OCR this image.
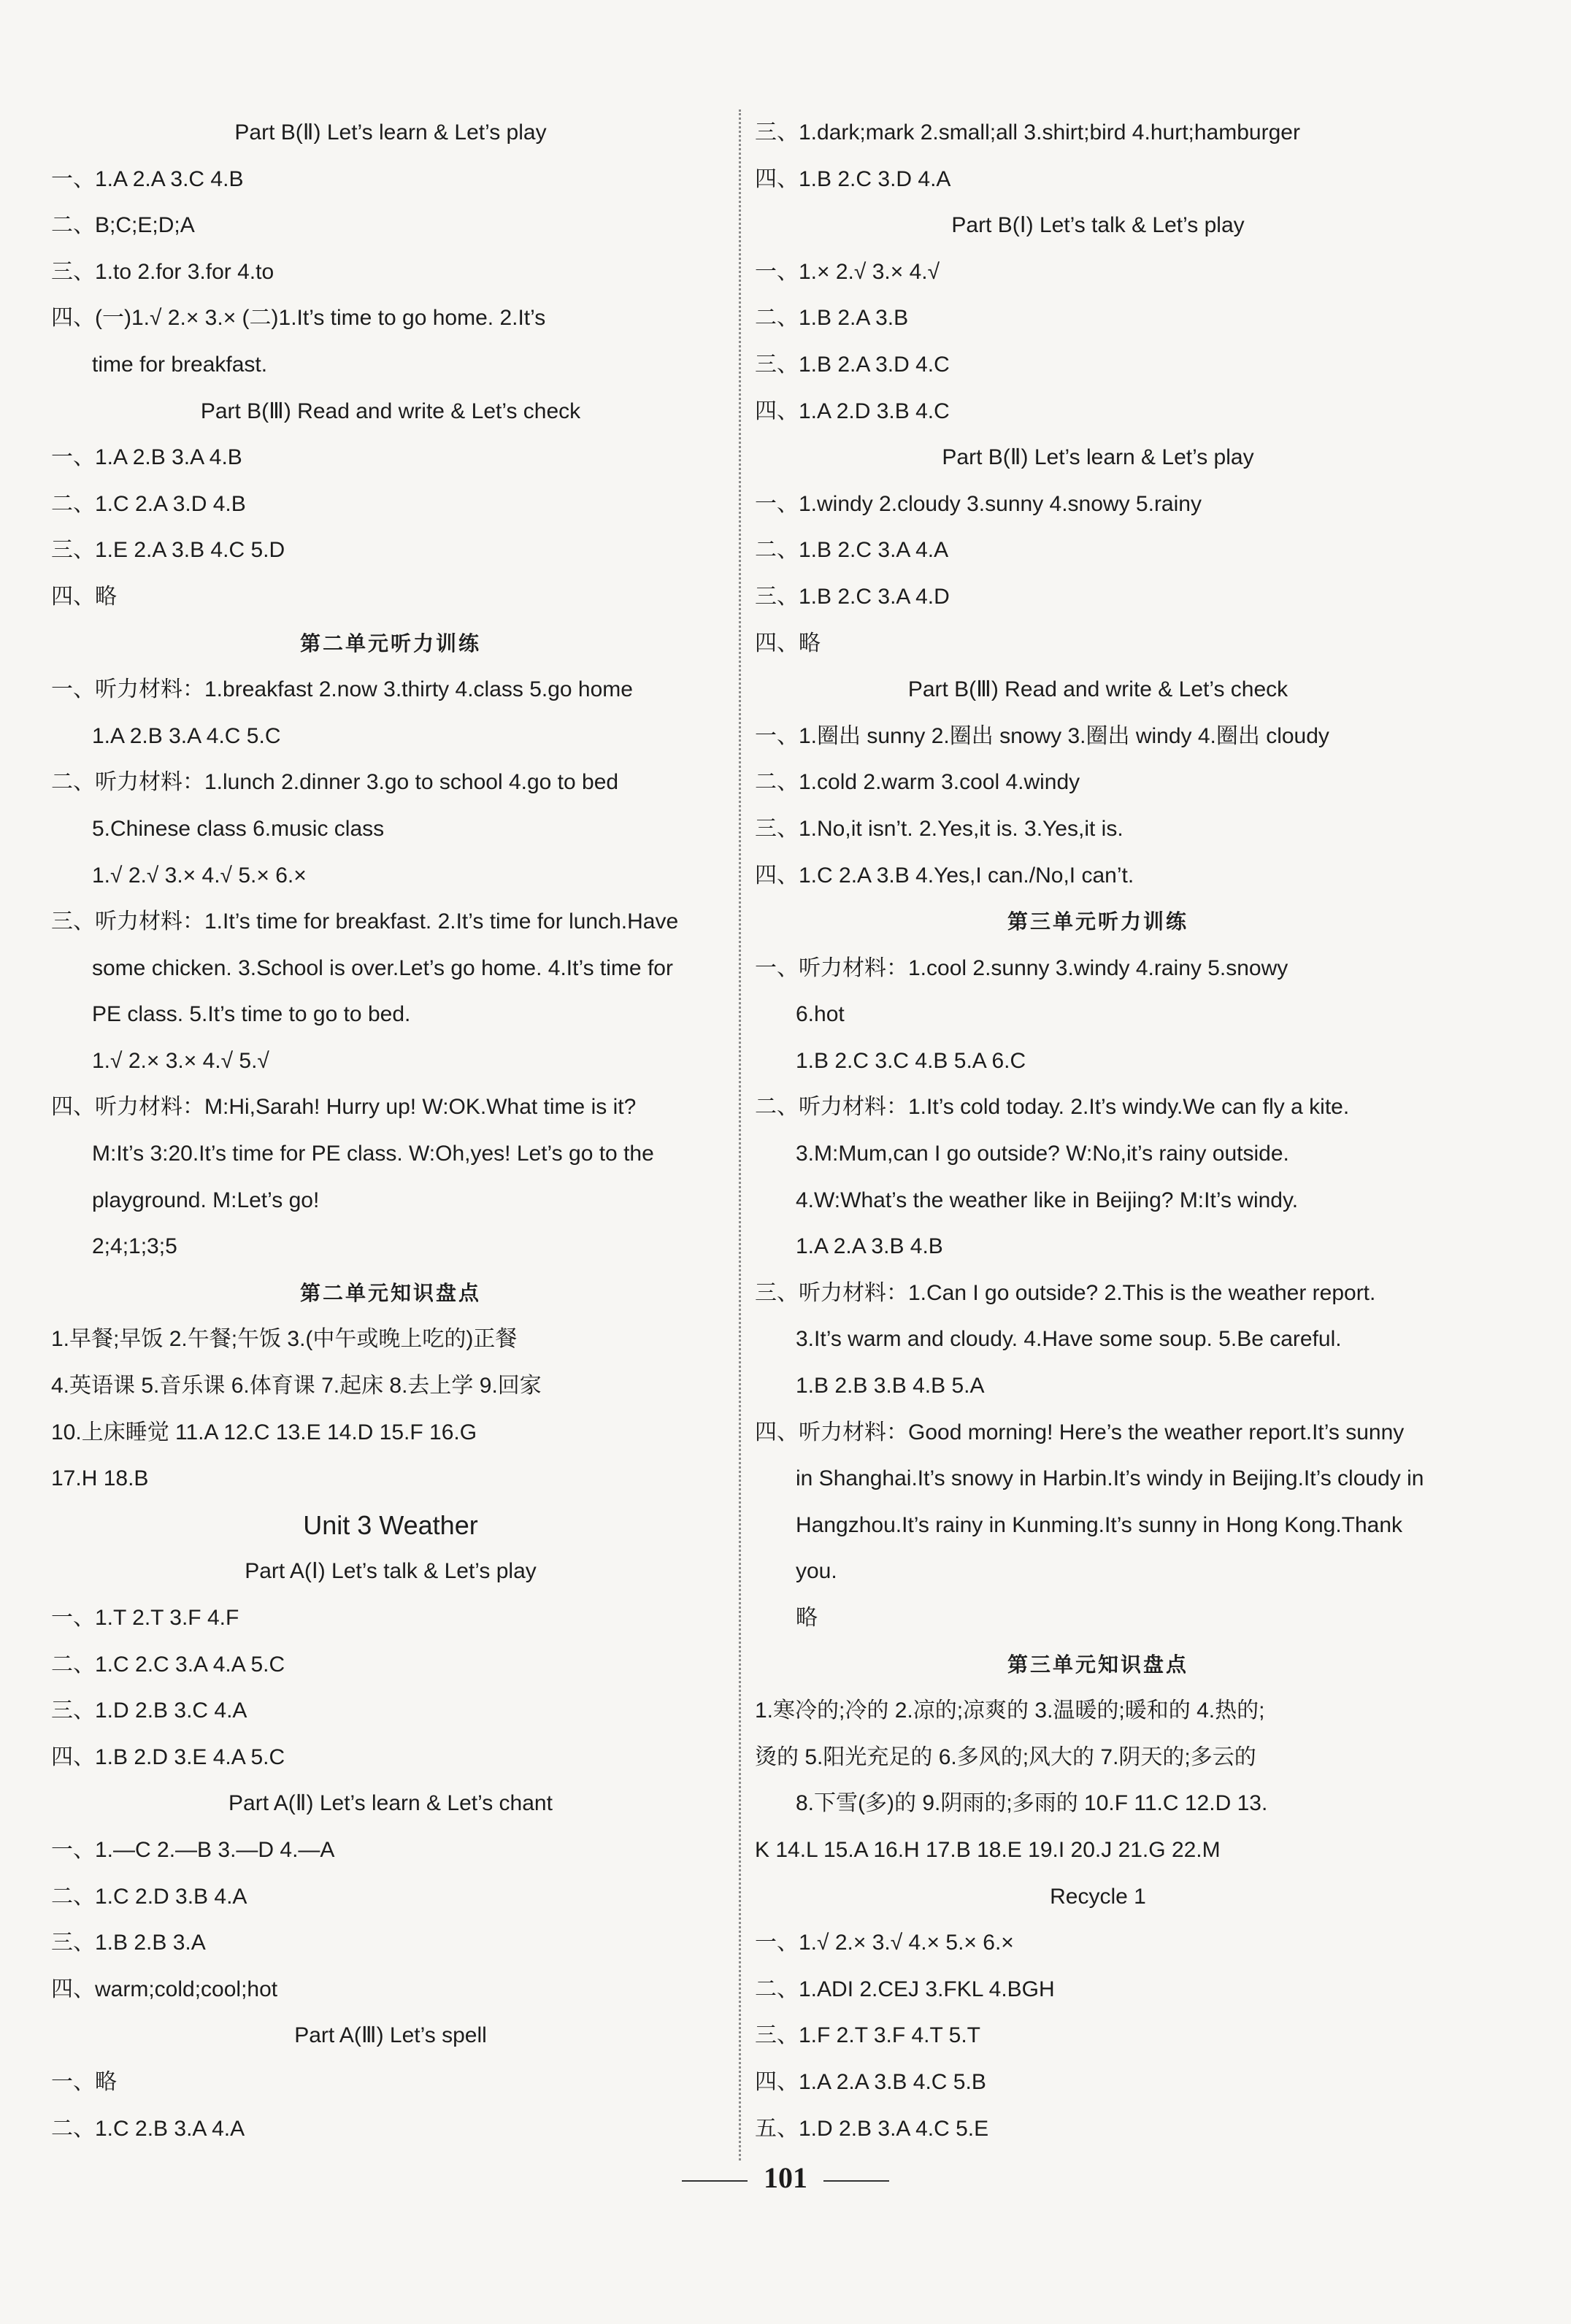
Part B(Ⅱ) Let’s learn & Let’s play
一、1.A 2.A 3.C 4.B
二、B;C;E;D;A
三、1.to 2.for 3.for 4.to
四、(一)1.√ 2.× 3.× (二)1.It’s time to go home. 2.It’s
time for breakfast.
Part B(Ⅲ) Read and write & Let’s check
一、1.A 2.B 3.A 4.B
二、1.C 2.A 3.D 4.B
三、1.E 2.A 3.B 4.C 5.D
四、略
第二单元听力训练
一、听力材料：1.breakfast 2.now 3.thirty 4.class 5.go home
1.A 2.B 3.A 4.C 5.C
二、听力材料：1.lunch 2.dinner 3.go to school 4.go to bed
5.Chinese class 6.music class
1.√ 2.√ 3.× 4.√ 5.× 6.×
三、听力材料：1.It’s time for breakfast. 2.It’s time for lunch.Have
some chicken. 3.School is over.Let’s go home. 4.It’s time for
PE class. 5.It’s time to go to bed.
1.√ 2.× 3.× 4.√ 5.√
四、听力材料：M:Hi,Sarah! Hurry up! W:OK.What time is it?
M:It’s 3:20.It’s time for PE class. W:Oh,yes! Let’s go to the
playground. M:Let’s go!
2;4;1;3;5
第二单元知识盘点
1.早餐;早饭 2.午餐;午饭 3.(中午或晚上吃的)正餐
4.英语课 5.音乐课 6.体育课 7.起床 8.去上学 9.回家
10.上床睡觉 11.A 12.C 13.E 14.D 15.F 16.G
17.H 18.B
Unit 3 Weather
Part A(Ⅰ) Let’s talk & Let’s play
一、1.T 2.T 3.F 4.F
二、1.C 2.C 3.A 4.A 5.C
三、1.D 2.B 3.C 4.A
四、1.B 2.D 3.E 4.A 5.C
Part A(Ⅱ) Let’s learn & Let’s chant
一、1.—C 2.—B 3.—D 4.—A
二、1.C 2.D 3.B 4.A
三、1.B 2.B 3.A
四、warm;cold;cool;hot
Part A(Ⅲ) Let’s spell
一、略
二、1.C 2.B 3.A 4.A
三、1.dark;mark 2.small;all 3.shirt;bird 4.hurt;hamburger
四、1.B 2.C 3.D 4.A
Part B(Ⅰ) Let’s talk & Let’s play
一、1.× 2.√ 3.× 4.√
二、1.B 2.A 3.B
三、1.B 2.A 3.D 4.C
四、1.A 2.D 3.B 4.C
Part B(Ⅱ) Let’s learn & Let’s play
一、1.windy 2.cloudy 3.sunny 4.snowy 5.rainy
二、1.B 2.C 3.A 4.A
三、1.B 2.C 3.A 4.D
四、略
Part B(Ⅲ) Read and write & Let’s check
一、1.圈出 sunny 2.圈出 snowy 3.圈出 windy 4.圈出 cloudy
二、1.cold 2.warm 3.cool 4.windy
三、1.No,it isn’t. 2.Yes,it is. 3.Yes,it is.
四、1.C 2.A 3.B 4.Yes,I can./No,I can’t.
第三单元听力训练
一、听力材料：1.cool 2.sunny 3.windy 4.rainy 5.snowy
6.hot
1.B 2.C 3.C 4.B 5.A 6.C
二、听力材料：1.It’s cold today. 2.It’s windy.We can fly a kite.
3.M:Mum,can I go outside? W:No,it’s rainy outside.
4.W:What’s the weather like in Beijing? M:It’s windy.
1.A 2.A 3.B 4.B
三、听力材料：1.Can I go outside? 2.This is the weather report.
3.It’s warm and cloudy. 4.Have some soup. 5.Be careful.
1.B 2.B 3.B 4.B 5.A
四、听力材料：Good morning! Here’s the weather report.It’s sunny
in Shanghai.It’s snowy in Harbin.It’s windy in Beijing.It’s cloudy in
Hangzhou.It’s rainy in Kunming.It’s sunny in Hong Kong.Thank
you.
略
第三单元知识盘点
1.寒冷的;冷的 2.凉的;凉爽的 3.温暖的;暖和的 4.热的;
烫的 5.阳光充足的 6.多风的;风大的 7.阴天的;多云的
8.下雪(多)的 9.阴雨的;多雨的 10.F 11.C 12.D 13.
K 14.L 15.A 16.H 17.B 18.E 19.I 20.J 21.G 22.M
Recycle 1
一、1.√ 2.× 3.√ 4.× 5.× 6.×
二、1.ADI 2.CEJ 3.FKL 4.BGH
三、1.F 2.T 3.F 4.T 5.T
四、1.A 2.A 3.B 4.C 5.B
五、1.D 2.B 3.A 4.C 5.E
101
